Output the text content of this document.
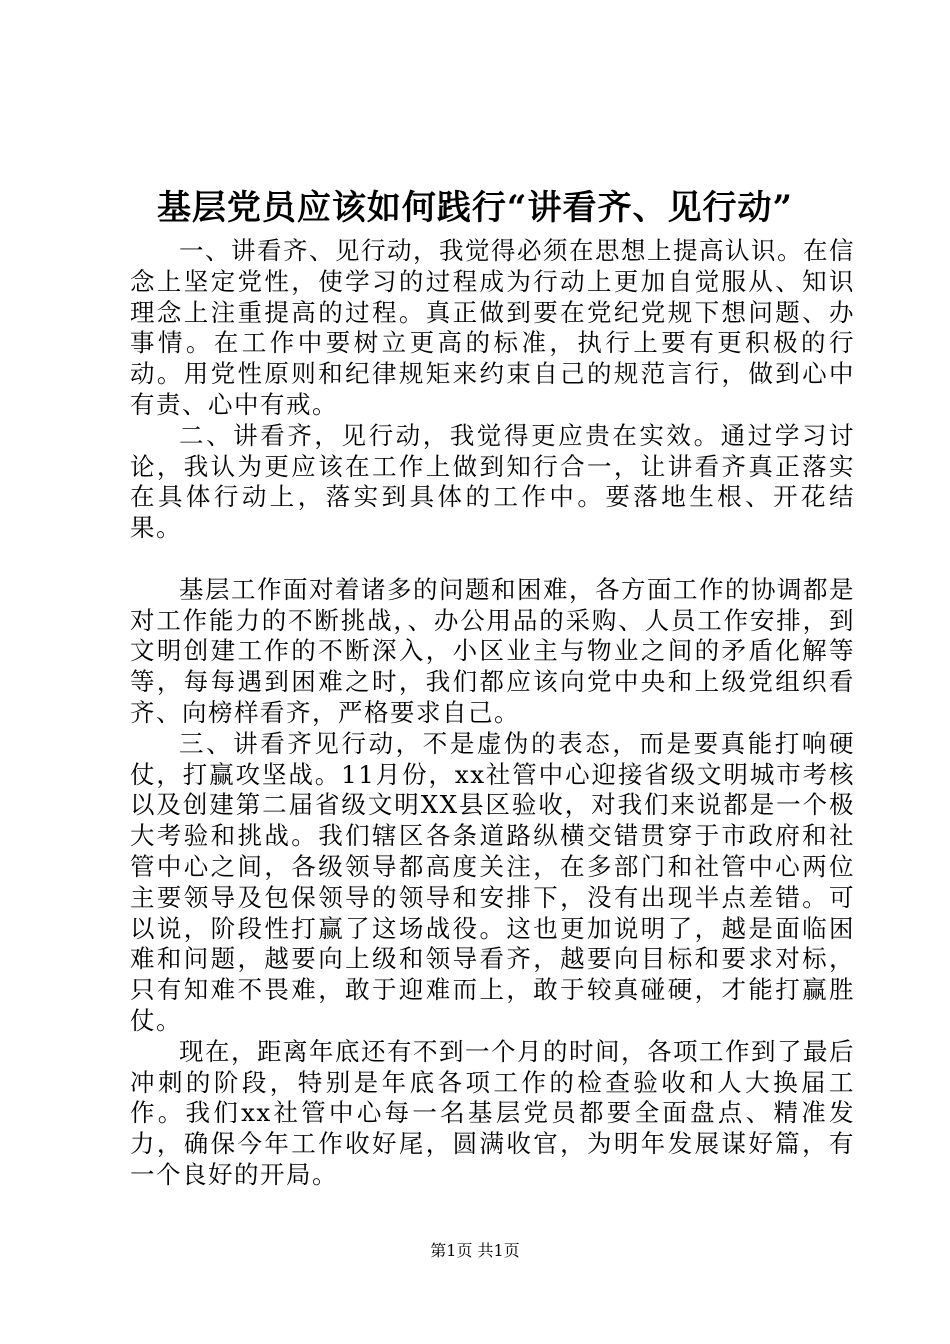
基层党员应该如何践行“讲看齐、见行动”

一、讲看齐、见行动，我觉得必须在思想上提高认识。在信念上坚定党性，使学习的过程成为行动上更加自觉服从、知识理念上注重提高的过程。真正做到要在党纪党规下想问题、办事情。在工作中要树立更高的标准，执行上要有更积极的行动。用党性原则和纪律规矩来约束自己的规范言行，做到心中有责、心中有戒。

二、讲看齐，见行动，我觉得更应贵在实效。通过学习讨论，我认为更应该在工作上做到知行合一，让讲看齐真正落实在具体行动上，落实到具体的工作中。要落地生根、开花结果。

基层工作面对着诸多的问题和困难，各方面工作的协调都是对工作能力的不断挑战，、办公用品的采购、人员工作安排，到文明创建工作的不断深入，小区业主与物业之间的矛盾化解等等，每每遇到困难之时，我们都应该向党中央和上级党组织看齐、向榜样看齐，严格要求自己。

三、讲看齐见行动，不是虚伪的表态，而是要真能打响硬仗，打赢攻坚战。11月份，xx社管中心迎接省级文明城市考核以及创建第二届省级文明XX县区验收，对我们来说都是一个极大考验和挑战。我们辖区各条道路纵横交错贯穿于市政府和社管中心之间，各级领导都高度关注，在多部门和社管中心两位主要领导及包保领导的领导和安排下，没有出现半点差错。可以说，阶段性打赢了这场战役。这也更加说明了，越是面临困难和问题，越要向上级和领导看齐，越要向目标和要求对标，只有知难不畏难，敢于迎难而上，敢于较真碰硬，才能打赢胜仗。

现在，距离年底还有不到一个月的时间，各项工作到了最后冲刺的阶段，特别是年底各项工作的检查验收和人大换届工作。我们xx社管中心每一名基层党员都要全面盘点、精准发力，确保今年工作收好尾，圆满收官，为明年发展谋好篇，有一个良好的开局。

第1页 共1页
